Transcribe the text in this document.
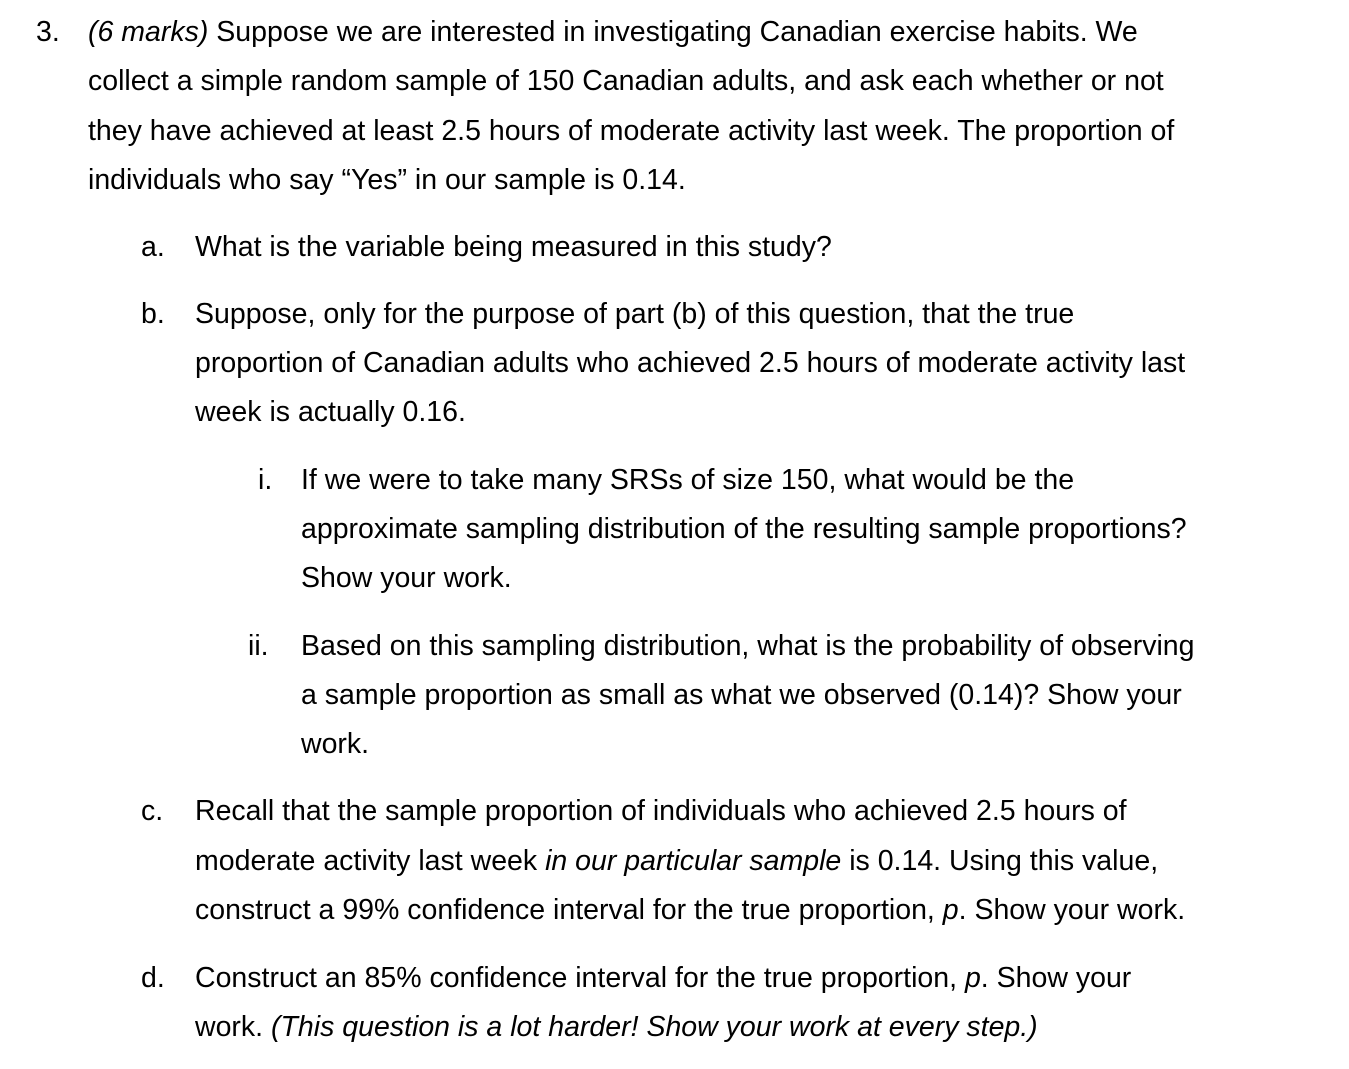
3. (6 marks) Suppose we are interested in investigating Canadian exercise habits. We
collect a simple random sample of 150 Canadian adults, and ask each whether or not
they have achieved at least 2.5 hours of moderate activity last week. The proportion of
individuals who say “Yes” in our sample is 0.14.
a. What is the variable being measured in this study?
b. Suppose, only for the purpose of part (b) of this question, that the true
proportion of Canadian adults who achieved 2.5 hours of moderate activity last
week is actually 0.16.
i. If we were to take many SRSs of size 150, what would be the
approximate sampling distribution of the resulting sample proportions?
Show your work.
ii. Based on this sampling distribution, what is the probability of observing
a sample proportion as small as what we observed (0.14)? Show your
work.
c. Recall that the sample proportion of individuals who achieved 2.5 hours of
moderate activity last week in our particular sample is 0.14. Using this value,
construct a 99% confidence interval for the true proportion, p. Show your work.
d. Construct an 85% confidence interval for the true proportion, p. Show your
work. (This question is a lot harder! Show your work at every step.)
